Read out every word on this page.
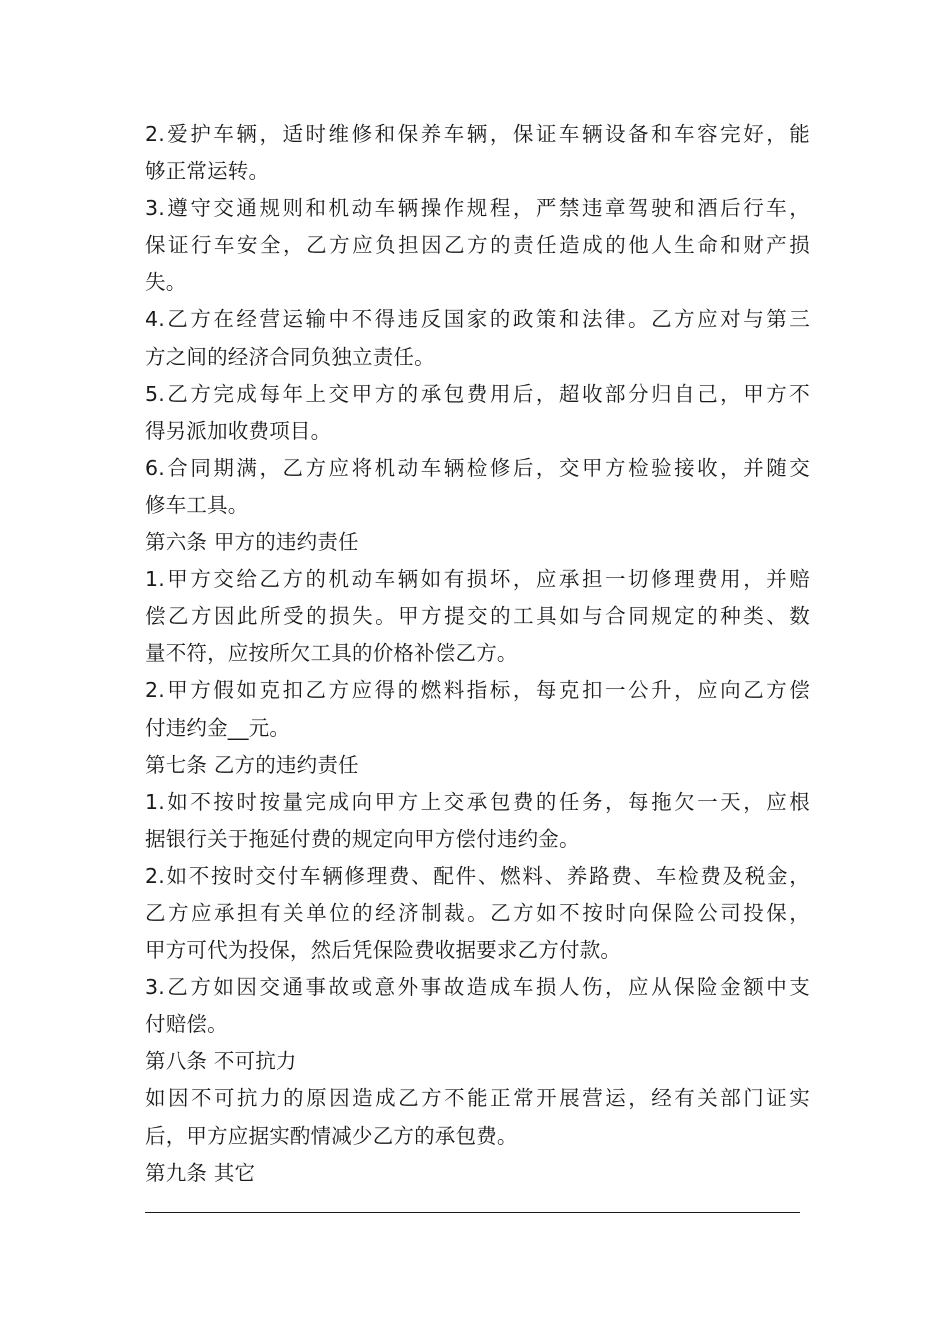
2.爱护车辆，适时维修和保养车辆，保证车辆设备和车容完好，能
够正常运转。
3.遵守交通规则和机动车辆操作规程，严禁违章驾驶和酒后行车，
保证行车安全，乙方应负担因乙方的责任造成的他人生命和财产损
失。
4.乙方在经营运输中不得违反国家的政策和法律。乙方应对与第三
方之间的经济合同负独立责任。
5.乙方完成每年上交甲方的承包费用后，超收部分归自己，甲方不
得另派加收费项目。
6.合同期满，乙方应将机动车辆检修后，交甲方检验接收，并随交
修车工具。
第六条 甲方的违约责任
1.甲方交给乙方的机动车辆如有损坏，应承担一切修理费用，并赔
偿乙方因此所受的损失。甲方提交的工具如与合同规定的种类、数
量不符，应按所欠工具的价格补偿乙方。
2.甲方假如克扣乙方应得的燃料指标，每克扣一公升，应向乙方偿
付违约金__元。
第七条 乙方的违约责任
1.如不按时按量完成向甲方上交承包费的任务，每拖欠一天，应根
据银行关于拖延付费的规定向甲方偿付违约金。
2.如不按时交付车辆修理费、配件、燃料、养路费、车检费及税金，
乙方应承担有关单位的经济制裁。乙方如不按时向保险公司投保，
甲方可代为投保，然后凭保险费收据要求乙方付款。
3.乙方如因交通事故或意外事故造成车损人伤，应从保险金额中支
付赔偿。
第八条 不可抗力
如因不可抗力的原因造成乙方不能正常开展营运，经有关部门证实
后，甲方应据实酌情减少乙方的承包费。
第九条 其它
